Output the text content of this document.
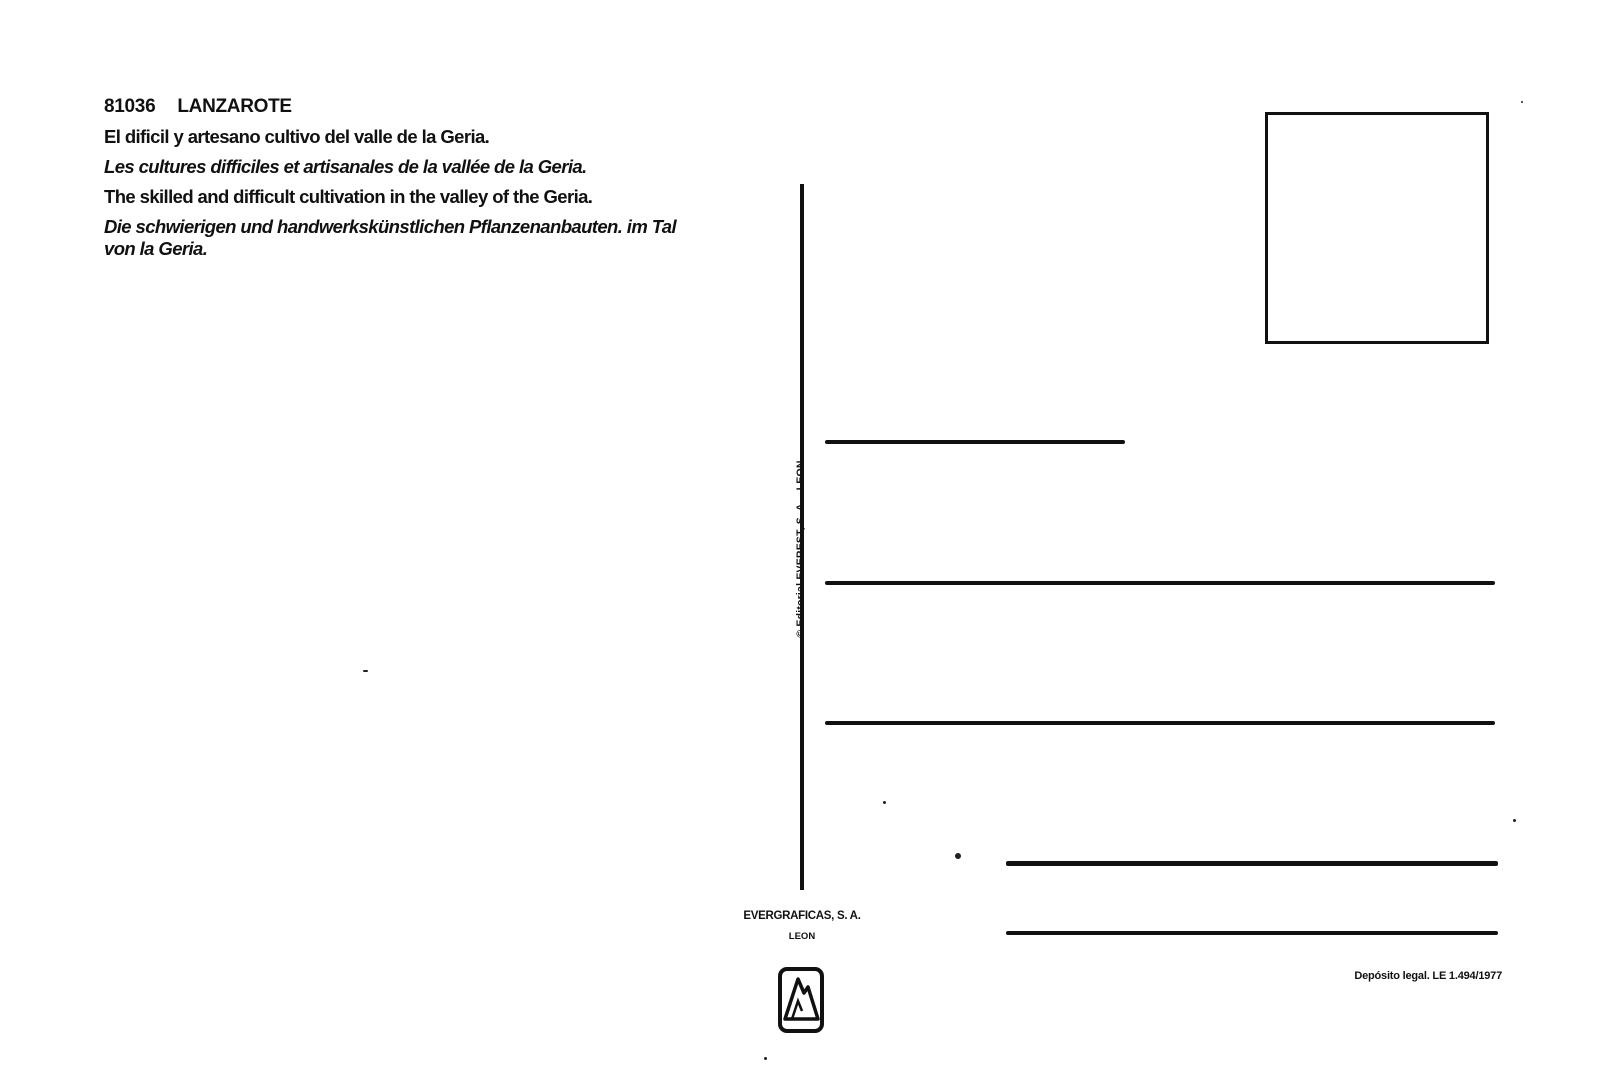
81036 LANZAROTE
El dificil y artesano cultivo del valle de la Geria.
Les cultures difficiles et artisanales de la vallée de la Geria.
The skilled and difficult cultivation in the valley of the Geria.
Die schwierigen und handwerkskünstlichen Pflanzenanbauten. im Tal von la Geria.
© Editorial EVEREST, S. A. - LEON
EVERGRAFICAS, S. A.
LEON
Depósito legal. LE 1.494/1977
